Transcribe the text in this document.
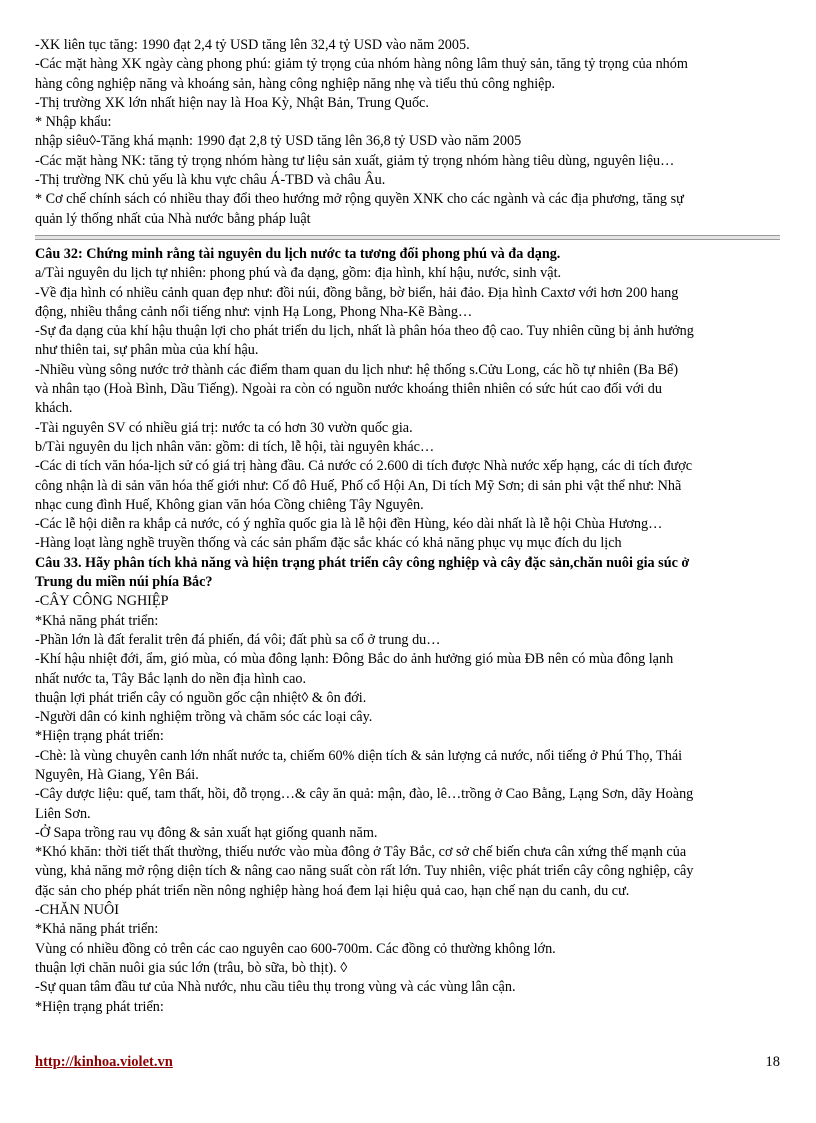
-XK liên tục tăng: 1990 đạt 2,4 tỷ USD tăng lên 32,4 tỷ USD vào năm 2005.
-Các mặt hàng XK ngày càng phong phú: giảm tỷ trọng của nhóm hàng nông lâm thuỷ sản, tăng tỷ trọng của nhóm
hàng công nghiệp năng và khoáng sản, hàng công nghiệp năng nhẹ và tiểu thủ công nghiệp.
-Thị trường XK lớn nhất hiện nay là Hoa Kỳ, Nhật Bản, Trung Quốc.
* Nhập khẩu:
nhập siêu◊-Tăng khá mạnh: 1990 đạt 2,8 tỷ USD tăng lên 36,8 tỷ USD vào năm 2005
-Các mặt hàng NK: tăng tỷ trọng nhóm hàng tư liệu sản xuất, giảm tỷ trọng nhóm hàng tiêu dùng, nguyên liệu…
-Thị trường NK chủ yếu là khu vực châu Á-TBD và châu Âu.
* Cơ chế chính sách có nhiều thay đổi theo hướng mở rộng quyền XNK cho các ngành và các địa phương, tăng sự
quản lý thống nhất của Nhà nước bằng pháp luật
Câu 32: Chứng minh rằng tài nguyên du lịch nước ta tương đối phong phú và đa dạng.
a/Tài nguyên du lịch tự nhiên: phong phú và đa dạng, gồm: địa hình, khí hậu, nước, sinh vật.
-Về địa hình có nhiều cảnh quan đẹp như: đồi núi, đồng bằng, bờ biển, hải đảo. Địa hình Caxtơ với hơn 200 hang
động, nhiều thắng cảnh nổi tiếng như: vịnh Hạ Long, Phong Nha-Kẽ Bàng…
-Sự đa dạng của khí hậu thuận lợi cho phát triển du lịch, nhất là phân hóa theo độ cao. Tuy nhiên cũng bị ảnh hưởng
như thiên tai, sự phân mùa của khí hậu.
-Nhiều vùng sông nước trở thành các điểm tham quan du lịch như: hệ thống s.Cửu Long, các hồ tự nhiên (Ba Bể)
và nhân tạo (Hoà Bình, Dầu Tiếng). Ngoài ra còn có nguồn nước khoáng thiên nhiên có sức hút cao đối với du
khách.
-Tài nguyên SV có nhiều giá trị: nước ta có hơn 30 vườn quốc gia.
b/Tài nguyên du lịch nhân văn: gồm: di tích, lễ hội, tài nguyên khác…
-Các di tích văn hóa-lịch sử có giá trị hàng đầu. Cả nước có 2.600 di tích được Nhà nước xếp hạng, các di tích được
công nhận là di sản văn hóa thế giới như: Cố đô Huế, Phố cổ Hội An, Di tích Mỹ Sơn; di sản phi vật thể như: Nhã
nhạc cung đình Huế, Không gian văn hóa Cồng chiêng Tây Nguyên.
-Các lễ hội diễn ra khắp cả nước, có ý nghĩa quốc gia là lễ hội đền Hùng, kéo dài nhất là lễ hội Chùa Hương…
-Hàng loạt làng nghề truyền thống và các sản phẩm đặc sắc khác có khả năng phục vụ mục đích du lịch
Câu 33. Hãy phân tích khả năng và hiện trạng phát triển cây công nghiệp và cây đặc sản,chăn nuôi gia súc ở
Trung du miền núi phía Bắc?
-CÂY CÔNG NGHIỆP
*Khả năng phát triển:
-Phần lớn là đất feralit trên đá phiến, đá vôi; đất phù sa cổ ở trung du…
-Khí hậu nhiệt đới, ẩm, gió mùa, có mùa đông lạnh: Đông Bắc do ảnh hưởng gió mùa ĐB nên có mùa đông lạnh
nhất nước ta, Tây Bắc lạnh do nền địa hình cao.
thuận lợi phát triển cây có nguồn gốc cận nhiệt◊ & ôn đới.
-Người dân có kinh nghiệm trồng và chăm sóc các loại cây.
*Hiện trạng phát triển:
-Chè: là vùng chuyên canh lớn nhất nước ta, chiếm 60% diện tích & sản lượng cả nước, nổi tiếng ở Phú Thọ, Thái
Nguyên, Hà Giang, Yên Bái.
-Cây dược liệu: quế, tam thất, hồi, đỗ trọng…& cây ăn quả: mận, đào, lê…trồng ở Cao Bằng, Lạng Sơn, dãy Hoàng
Liên Sơn.
-Ở Sapa trồng rau vụ đông & sản xuất hạt giống quanh năm.
*Khó khăn: thời tiết thất thường, thiếu nước vào mùa đông ở Tây Bắc, cơ sở chế biến chưa cân xứng thế mạnh của
vùng, khả năng mở rộng diện tích & nâng cao năng suất còn rất lớn. Tuy nhiên, việc phát triển cây công nghiệp, cây
đặc sản cho phép phát triển nền nông nghiệp hàng hoá đem lại hiệu quả cao, hạn chế nạn du canh, du cư.
-CHĂN NUÔI
*Khả năng phát triển:
Vùng có nhiều đồng cỏ trên các cao nguyên cao 600-700m. Các đồng cỏ thường không lớn.
thuận lợi chăn nuôi gia súc lớn (trâu, bò sữa, bò thịt). ◊
-Sự quan tâm đầu tư của Nhà nước, nhu cầu tiêu thụ trong vùng và các vùng lân cận.
*Hiện trạng phát triển:
http://kinhoa.violet.vn	18
